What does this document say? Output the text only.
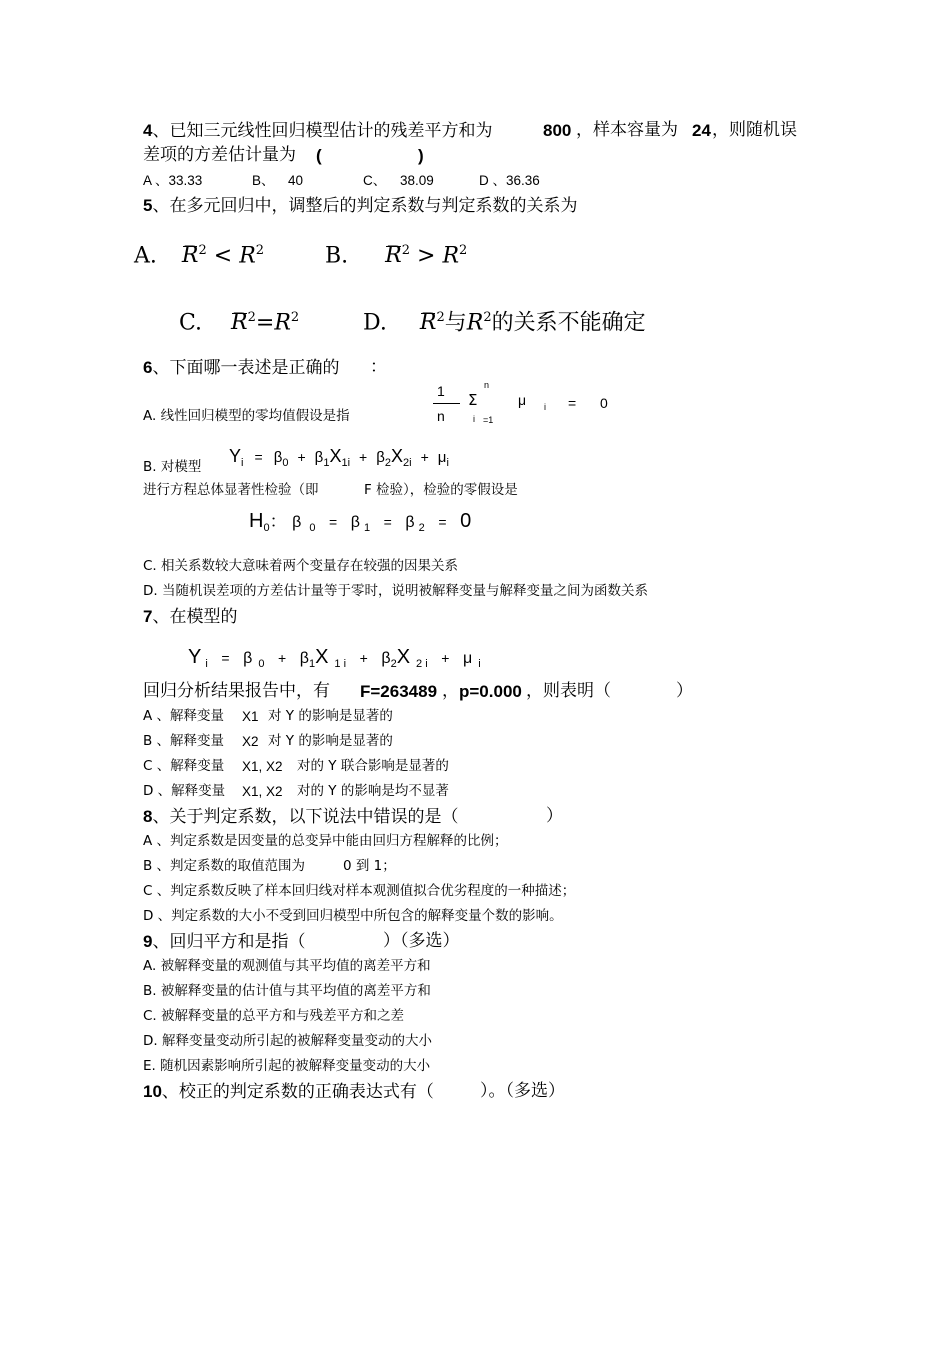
4、已知三元线性回归模型估计的残差平方和为	800 ，样本容量为 24 ，则随机误
差项的方差估计量为 (	)
A 、33.33	B、 40	C、 38.09	D 、36.36
5、在多元回归中，调整后的判定系数与判定系数的关系为
A. $R^2 < R^2$	B. $R^2 > R^2$
C. $R^2=R^2$	D. $R^2$与$R^2$的关系不能确定
6、下面哪一表述是正确的 ：
A. 线性回归模型的零均值假设是指
1
n
n
Σ
i =1
μ i = 0
B. 对模型
$Y_i = \beta_0 + \beta_1X_{1i} + \beta_2X_{2i} + \mu_i$
进行方程总体显著性检验（即	F 检验），检验的零假设是
$H_0$： β $_0$ = β $_1$ = β $_2$ = 0
C. 相关系数较大意味着两个变量存在较强的因果关系
D. 当随机误差项的方差估计量等于零时，说明被解释变量与解释变量之间为函数关系
7、在模型的
Y $_i$ = β $_0 + \beta_1X$ $_{1 i} + \beta_2X$ $_{2 i}$ + μ $_i$
回归分析结果报告中，有 F=263489 ， p=0.000 ，则表明（	）
A 、解释变量 X1 对 Y 的影响是显著的
B 、解释变量 X2 对 Y 的影响是显著的
C 、解释变量 X1, X2 对的 Y 联合影响是显著的
D 、解释变量 X1, X2 对的 Y 的影响是均不显著
8、关于判定系数，以下说法中错误的是（	）
A 、判定系数是因变量的总变异中能由回归方程解释的比例；
B 、判定系数的取值范围为	0 到 1；
C 、判定系数反映了样本回归线对样本观测值拟合优劣程度的一种描述；
D 、判定系数的大小不受到回归模型中所包含的解释变量个数的影响。
9、回归平方和是指（	）（多选）
A. 被解释变量的观测值与其平均值的离差平方和
B. 被解释变量的估计值与其平均值的离差平方和
C. 被解释变量的总平方和与残差平方和之差
D. 解释变量变动所引起的被解释变量变动的大小
E. 随机因素影响所引起的被解释变量变动的大小
10、校正的判定系数的正确表达式有（	）。（多选）
